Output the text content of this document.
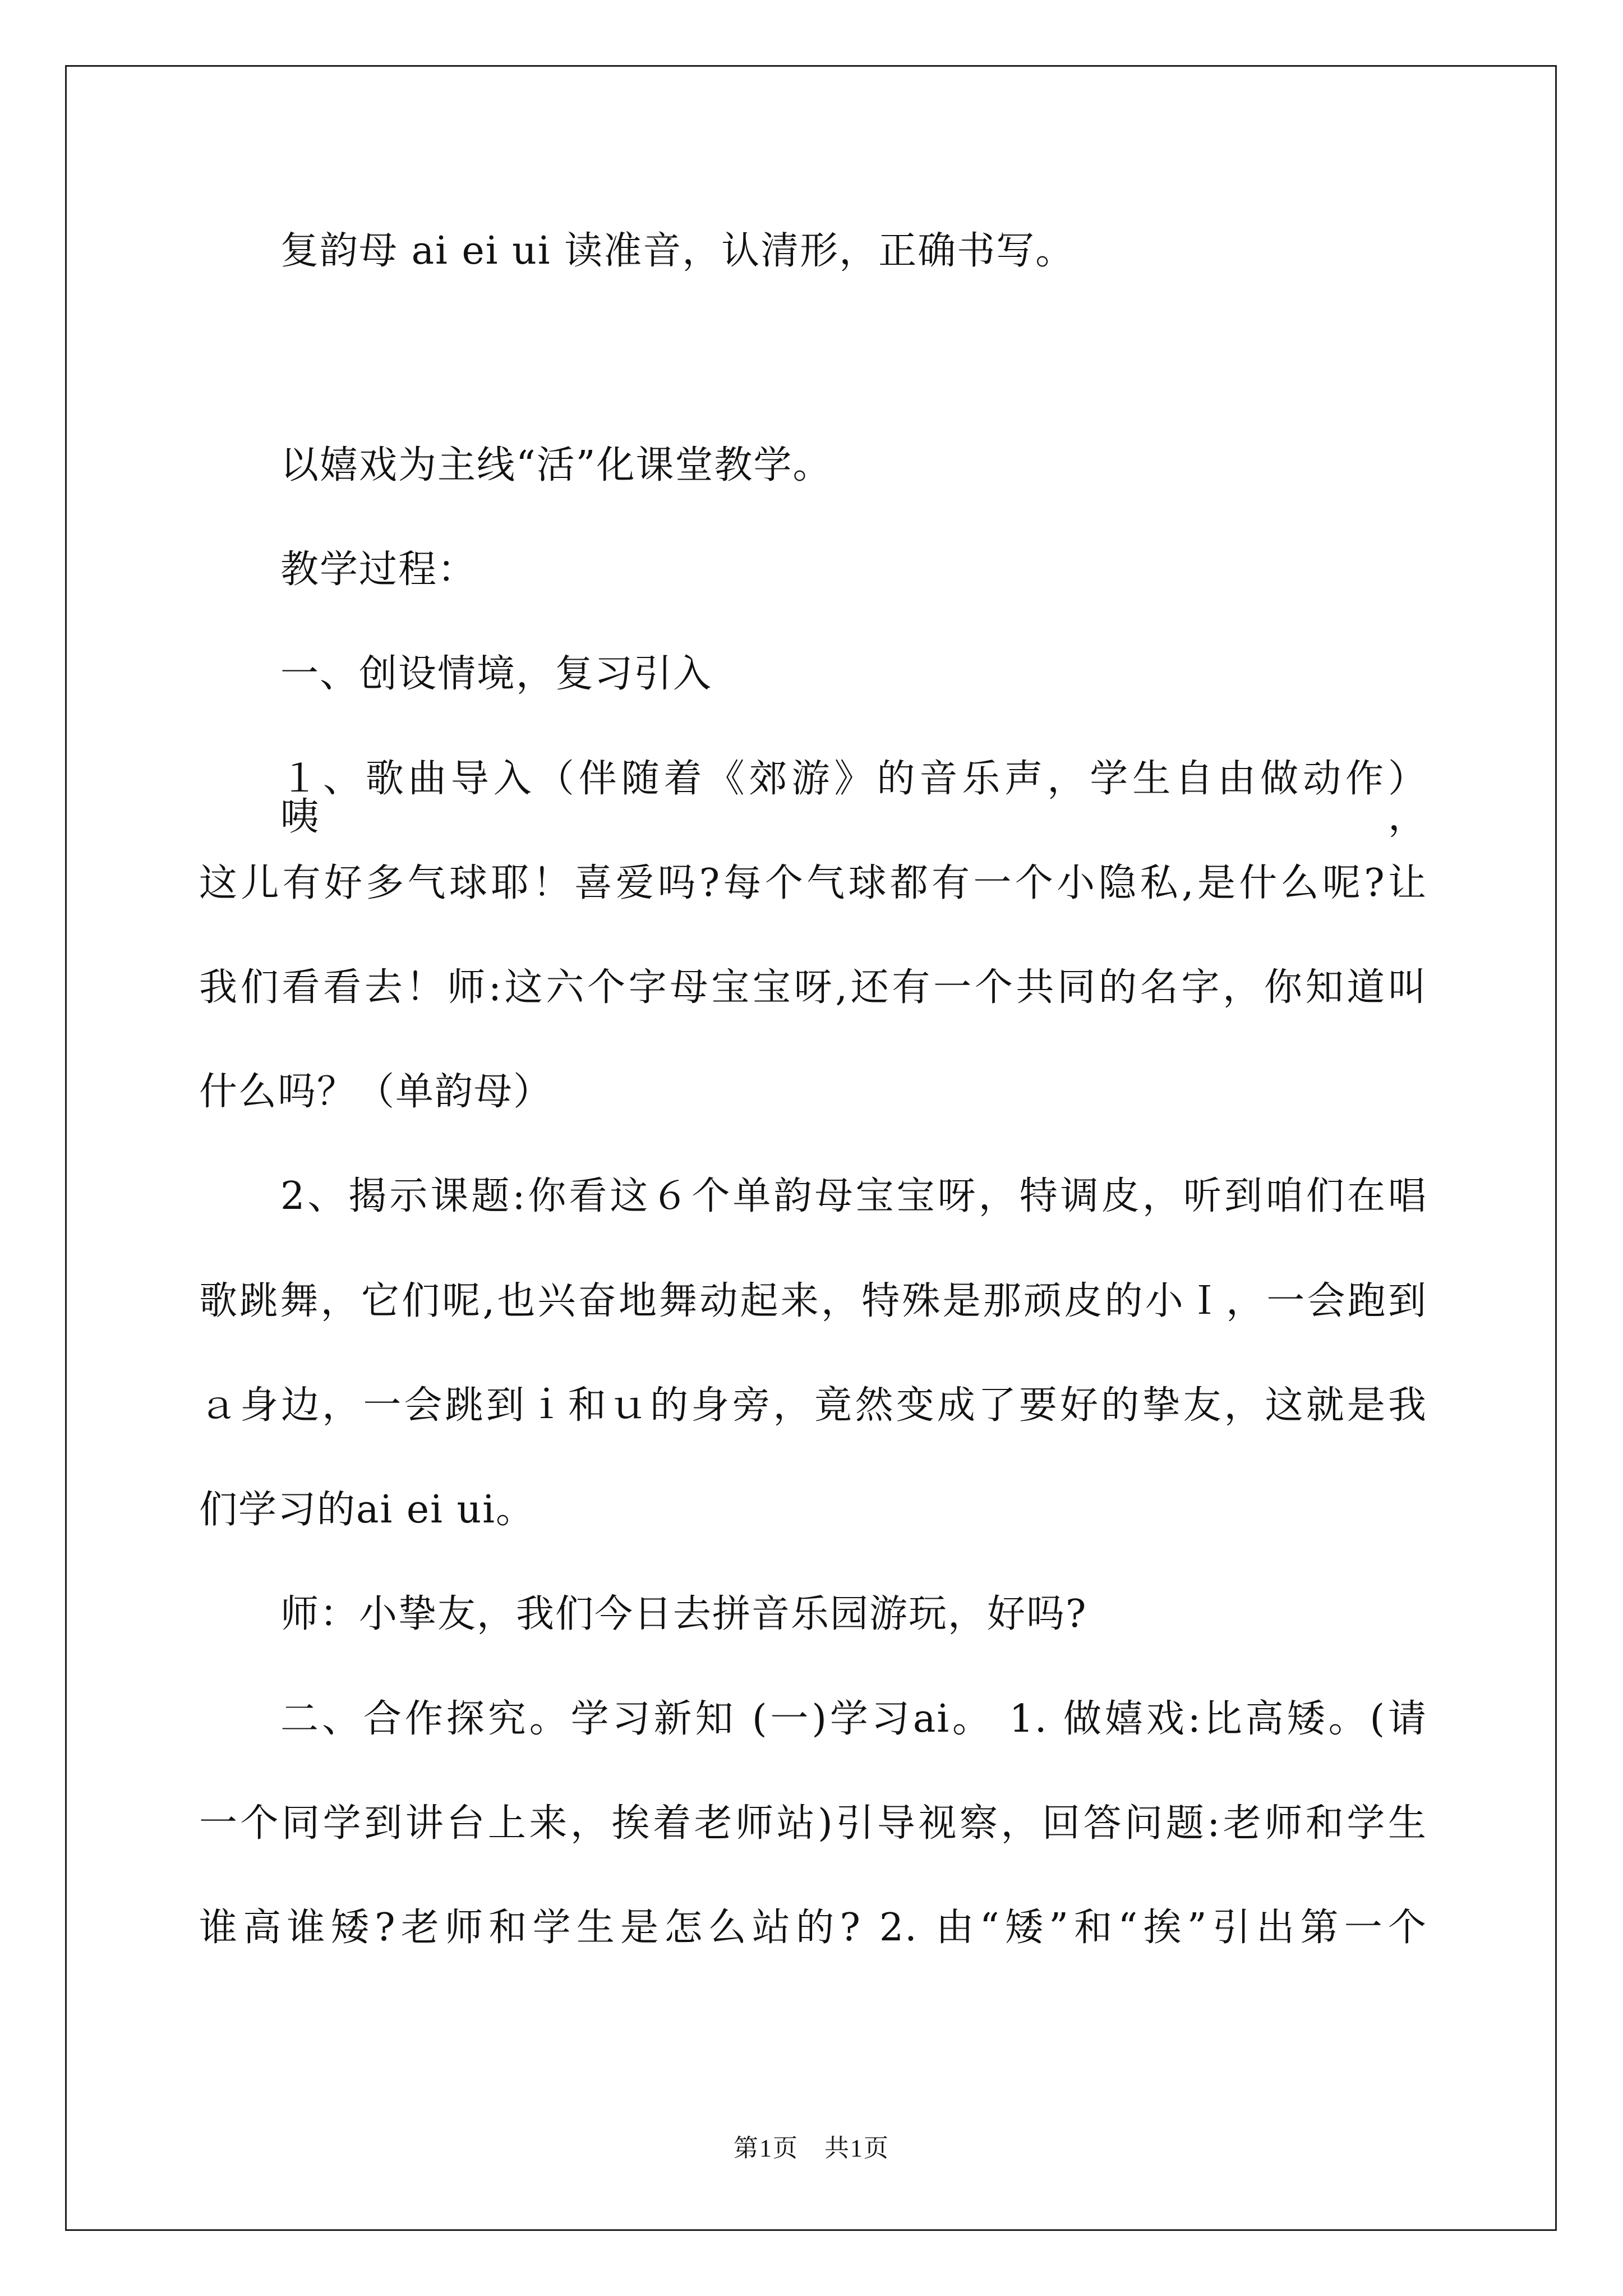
复韵母 ai ei ui 读准音，认清形，正确书写。
以嬉戏为主线“活”化课堂教学。
教学过程：
一、创设情境，复习引入
１、歌曲导入（伴随着《郊游》的音乐声，学生自由做动作） 咦，
这儿有好多气球耶！喜爱吗?每个气球都有一个小隐私,是什么呢?让
我们看看去！师:这六个字母宝宝呀,还有一个共同的名字，你知道叫
什么吗？（单韵母）
2、揭示课题:你看这６个单韵母宝宝呀，特调皮，听到咱们在唱
歌跳舞，它们呢,也兴奋地舞动起来，特殊是那顽皮的小Ｉ，一会跑到
ａ身边，一会跳到ｉ和ｕ的身旁，竟然变成了要好的挚友，这就是我
们学习的ai ei ui。
师：小挚友，我们今日去拼音乐园游玩，好吗?
二、合作探究。学习新知 (一)学习ai。 1. 做嬉戏:比高矮。(请
一个同学到讲台上来，挨着老师站)引导视察，回答问题:老师和学生
谁高谁矮?老师和学生是怎么站的? 2. 由“矮”和“挨”引出第一个
第1页　共1页
